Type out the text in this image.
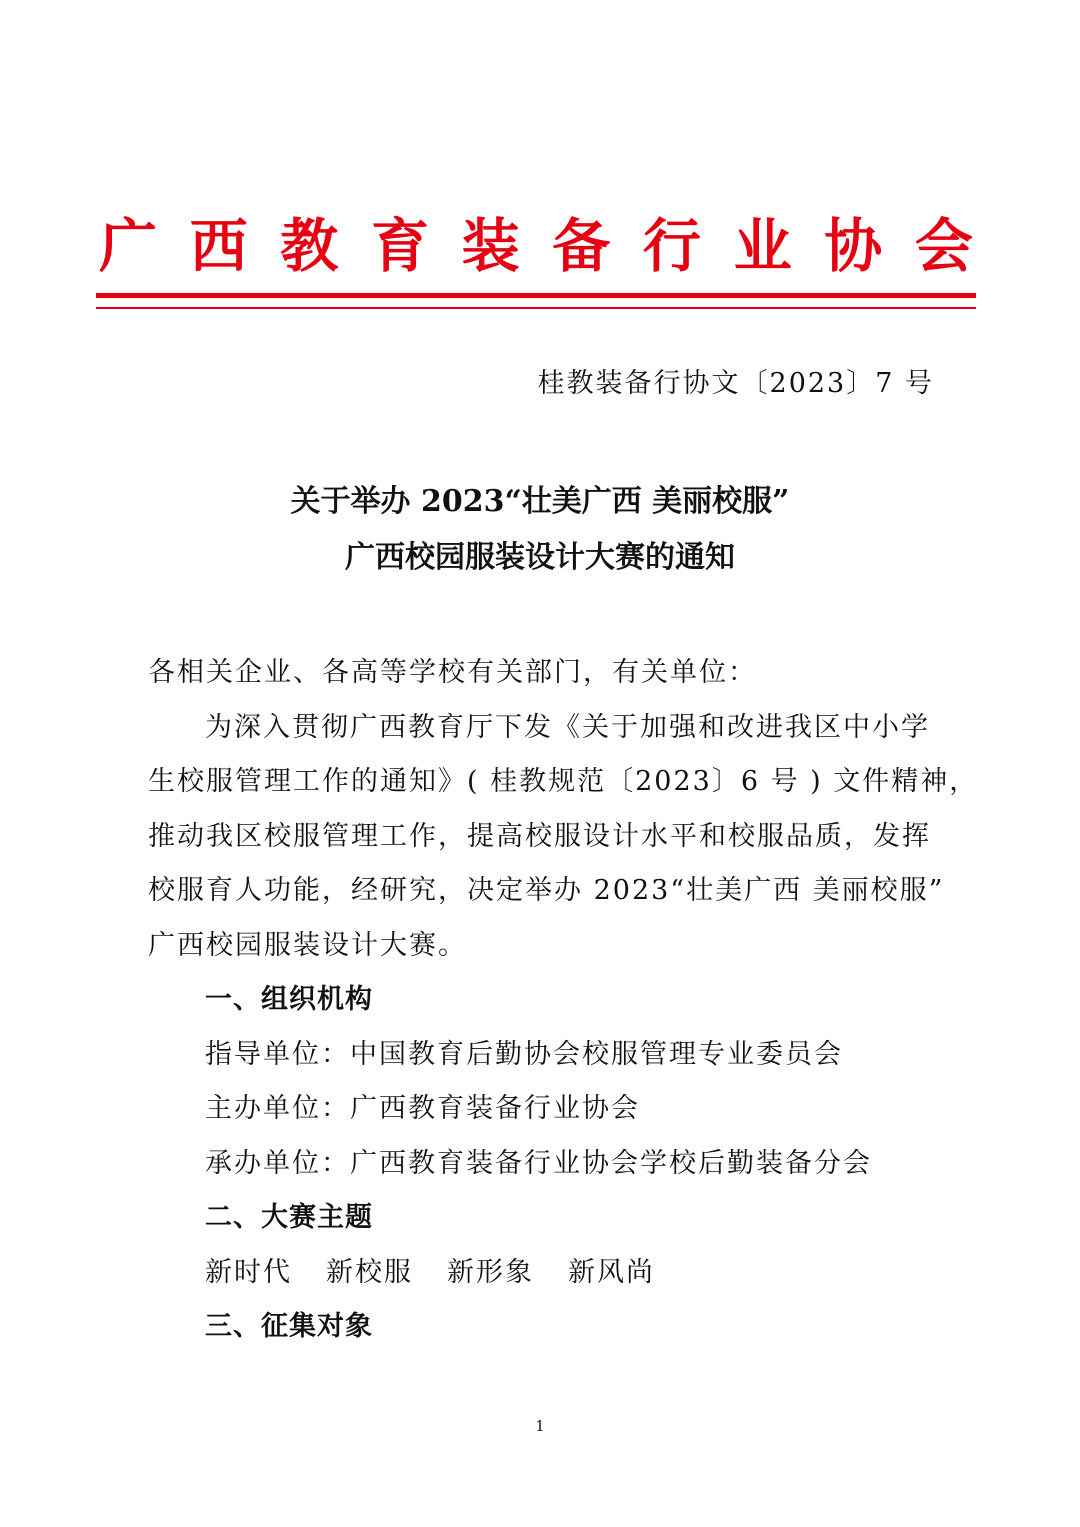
广 西 教 育 装 备 行 业 协 会
桂教装备行协文〔2023〕7 号
关于举办 2023“壮美广西 美丽校服”
广西校园服装设计大赛的通知

各相关企业、各高等学校有关部门，有关单位：

为深入贯彻广西教育厅下发《关于加强和改进我区中小学

生校服管理工作的通知》( 桂教规范〔2023〕6 号 ) 文件精神，

推动我区校服管理工作，提高校服设计水平和校服品质，发挥

校服育人功能，经研究，决定举办 2023“壮美广西 美丽校服”

广西校园服装设计大赛。

一、组织机构

指导单位：中国教育后勤协会校服管理专业委员会

主办单位：广西教育装备行业协会

承办单位：广西教育装备行业协会学校后勤装备分会

二、大赛主题

新时代 新校服 新形象 新风尚

三、征集对象

1
